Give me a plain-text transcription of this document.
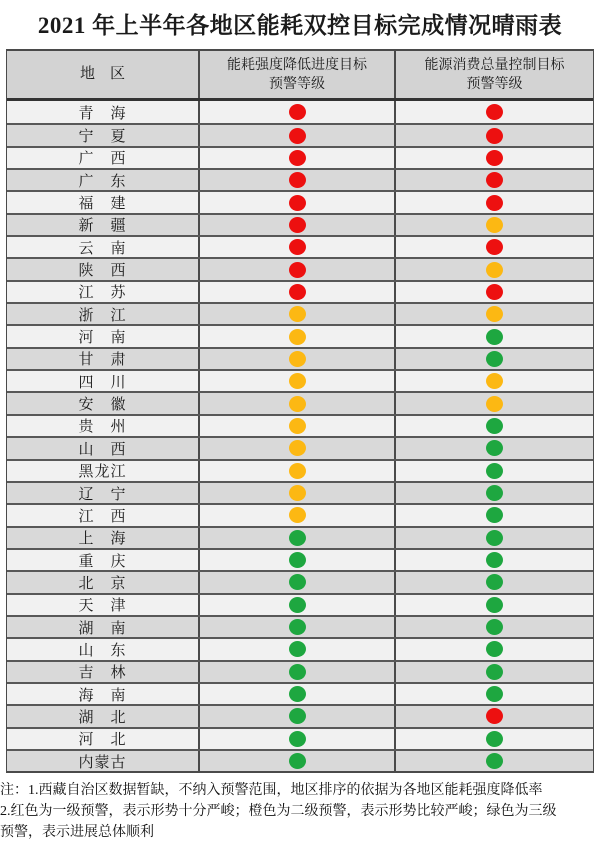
2021 年上半年各地区能耗双控目标完成情况晴雨表
地　区
能耗强度降低进度目标
预警等级
能源消费总量控制目标
预警等级
青　海
宁　夏
广　西
广　东
福　建
新　疆
云　南
陕　西
江　苏
浙　江
河　南
甘　肃
四　川
安　徽
贵　州
山　西
黑龙江
辽　宁
江　西
上　海
重　庆
北　京
天　津
湖　南
山　东
吉　林
海　南
湖　北
河　北
内蒙古

注：1.西藏自治区数据暂缺，不纳入预警范围，地区排序的依据为各地区能耗强度降低率

2.红色为一级预警，表示形势十分严峻；橙色为二级预警，表示形势比较严峻；绿色为三级

预警，表示进展总体顺利
